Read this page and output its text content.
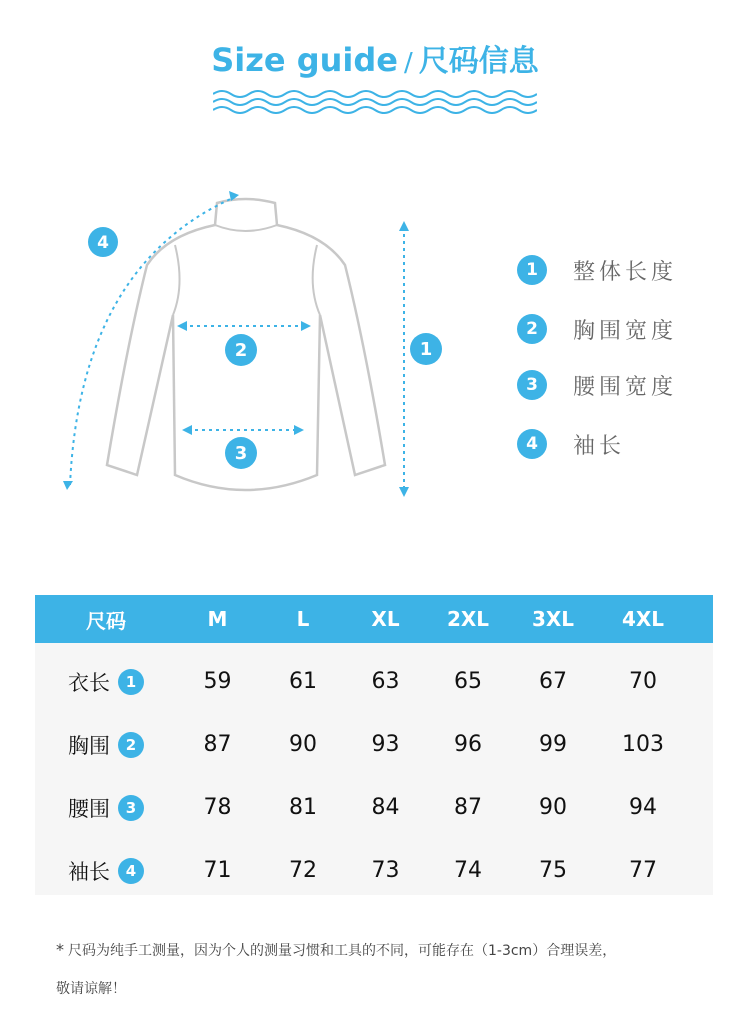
Size guide / 尺码信息
4
2
3
1
1	整体长度
2	胸围宽度
3	腰围宽度
4	袖长
尺码	M	L	XL	2XL	3XL	4XL
衣长	1	59	61	63	65	67	70
胸围	2	87	90	93	96	99	103
腰围	3	78	81	84	87	90	94
袖长	4	71	72	73	74	75	77
* 尺码为纯手工测量，因为个人的测量习惯和工具的不同，可能存在（1-3cm）合理误差，
敬请谅解！
